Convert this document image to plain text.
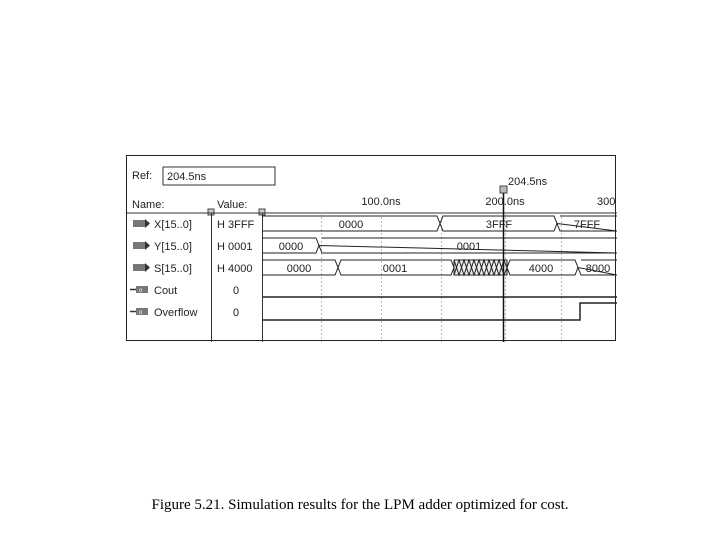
Ref: 204.5ns	204.5ns
Name:	Value:	100.0ns	200.0ns	300
X[15..0] H 3FFF
Y[15..0] H 0001
S[15..0] H 4000
o Cout	0
o Overflow	0
0000	3FFF	7FFF
0000	0001
0000	0001	4000	8000
Figure 5.21. Simulation results for the LPM adder optimized for cost.
